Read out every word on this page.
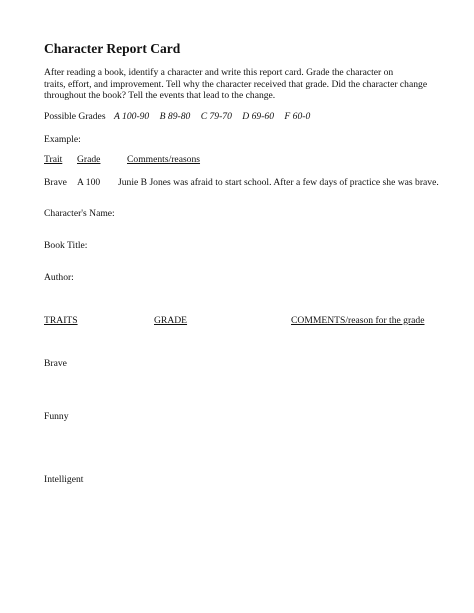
Character Report Card
After reading a book, identify a character and write this report card. Grade the character on
traits, effort, and improvement. Tell why the character received that grade. Did the character change
throughout the book? Tell the events that lead to the change.
Possible Grades A 100-90 B 89-80 C 79-70 D 69-60 F 60-0
Example:
Trait Grade	Comments/reasons
Brave A 100 Junie B Jones was afraid to start school. After a few days of practice she was brave.
Character's Name:
Book Title:
Author:
TRAITS	GRADE	COMMENTS/reason for the grade
Brave
Funny
Intelligent
